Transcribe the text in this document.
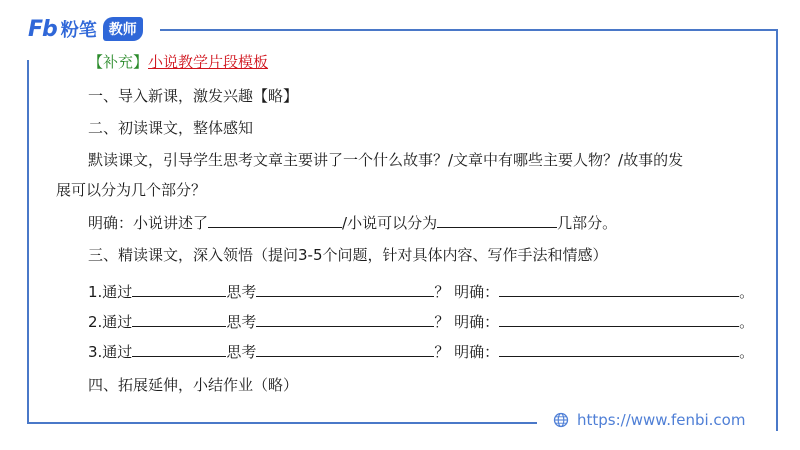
Fb 粉笔 教师
【补充】小说教学片段模板
一、导入新课，激发兴趣【略】
二、初读课文，整体感知
默读课文，引导学生思考文章主要讲了一个什么故事？/文章中有哪些主要人物？/故事的发
展可以分为几个部分？
明确：小说讲述了	/小说可以分为	几部分。
三、精读课文，深入领悟（提问3-5个问题，针对具体内容、写作手法和情感）
1.通过	思考	？ 明确：	。
2.通过	思考	？ 明确：	。
3.通过	思考	？ 明确：	。
四、拓展延伸，小结作业（略）
https://www.fenbi.com
